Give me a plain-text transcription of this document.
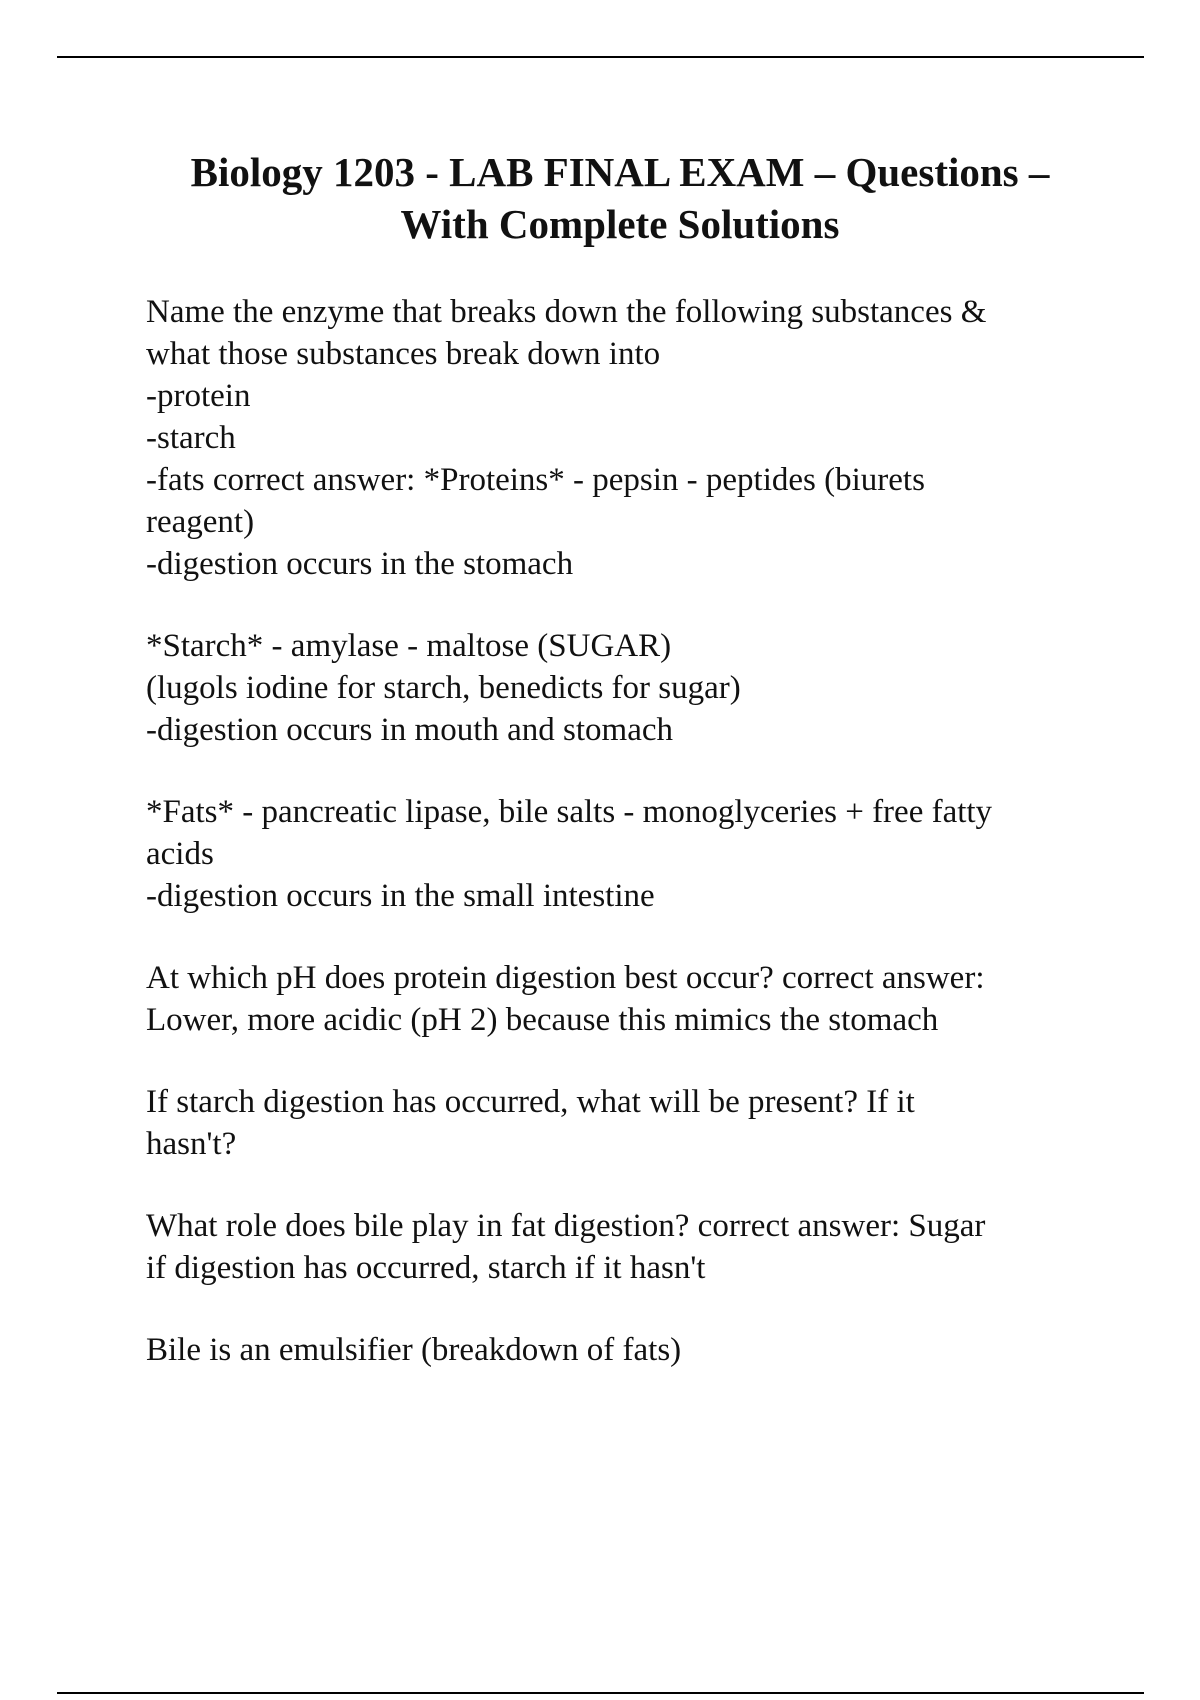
Biology 1203 - LAB FINAL EXAM – Questions –
With Complete Solutions

Name the enzyme that breaks down the following substances &
what those substances break down into
-protein
-starch
-fats correct answer: *Proteins* - pepsin - peptides (biurets
reagent)
-digestion occurs in the stomach

*Starch* - amylase - maltose (SUGAR)
(lugols iodine for starch, benedicts for sugar)
-digestion occurs in mouth and stomach

*Fats* - pancreatic lipase, bile salts - monoglyceries + free fatty
acids
-digestion occurs in the small intestine

At which pH does protein digestion best occur? correct answer:
Lower, more acidic (pH 2) because this mimics the stomach

If starch digestion has occurred, what will be present? If it
hasn't?

What role does bile play in fat digestion? correct answer: Sugar
if digestion has occurred, starch if it hasn't

Bile is an emulsifier (breakdown of fats)
